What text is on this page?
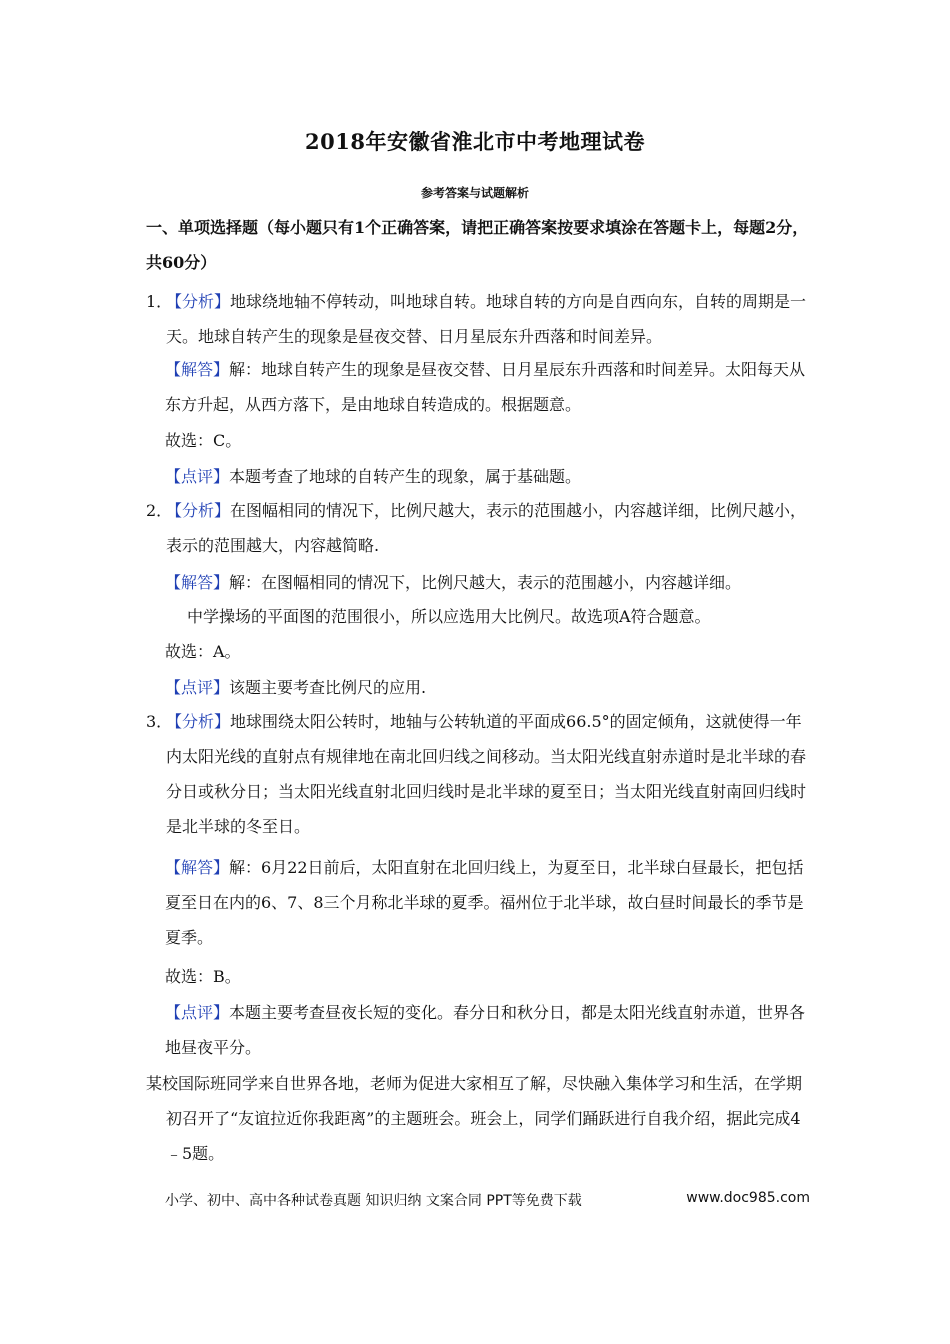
2018年安徽省淮北市中考地理试卷
参考答案与试题解析
一、单项选择题（每小题只有1个正确答案，请把正确答案按要求填涂在答题卡上，每题2分，共60分）
1．
【分析】地球绕地轴不停转动，叫地球自转。地球自转的方向是自西向东，自转的周期是一天。地球自转产生的现象是昼夜交替、日月星辰东升西落和时间差异。
【解答】解：地球自转产生的现象是昼夜交替、日月星辰东升西落和时间差异。太阳每天从东方升起，从西方落下，是由地球自转造成的。根据题意。
故选：C。
【点评】本题考查了地球的自转产生的现象，属于基础题。
2．
【分析】在图幅相同的情况下，比例尺越大，表示的范围越小，内容越详细，比例尺越小，表示的范围越大，内容越简略.
【解答】解：在图幅相同的情况下，比例尺越大，表示的范围越小，内容越详细。
中学操场的平面图的范围很小，所以应选用大比例尺。故选项A符合题意。
故选：A。
【点评】该题主要考查比例尺的应用.
3．
【分析】地球围绕太阳公转时，地轴与公转轨道的平面成66.5°的固定倾角，这就使得一年内太阳光线的直射点有规律地在南北回归线之间移动。当太阳光线直射赤道时是北半球的春分日或秋分日；当太阳光线直射北回归线时是北半球的夏至日；当太阳光线直射南回归线时是北半球的冬至日。
【解答】解：6月22日前后，太阳直射在北回归线上，为夏至日，北半球白昼最长，把包括夏至日在内的6、7、8三个月称北半球的夏季。福州位于北半球，故白昼时间最长的季节是夏季。
故选：B。
【点评】本题主要考查昼夜长短的变化。春分日和秋分日，都是太阳光线直射赤道，世界各地昼夜平分。
某校国际班同学来自世界各地，老师为促进大家相互了解，尽快融入集体学习和生活，在学期初召开了“友谊拉近你我距离”的主题班会。班会上，同学们踊跃进行自我介绍，据此完成4﹣5题。
小学、初中、高中各种试卷真题 知识归纳 文案合同 PPT等免费下载	www.doc985.com
